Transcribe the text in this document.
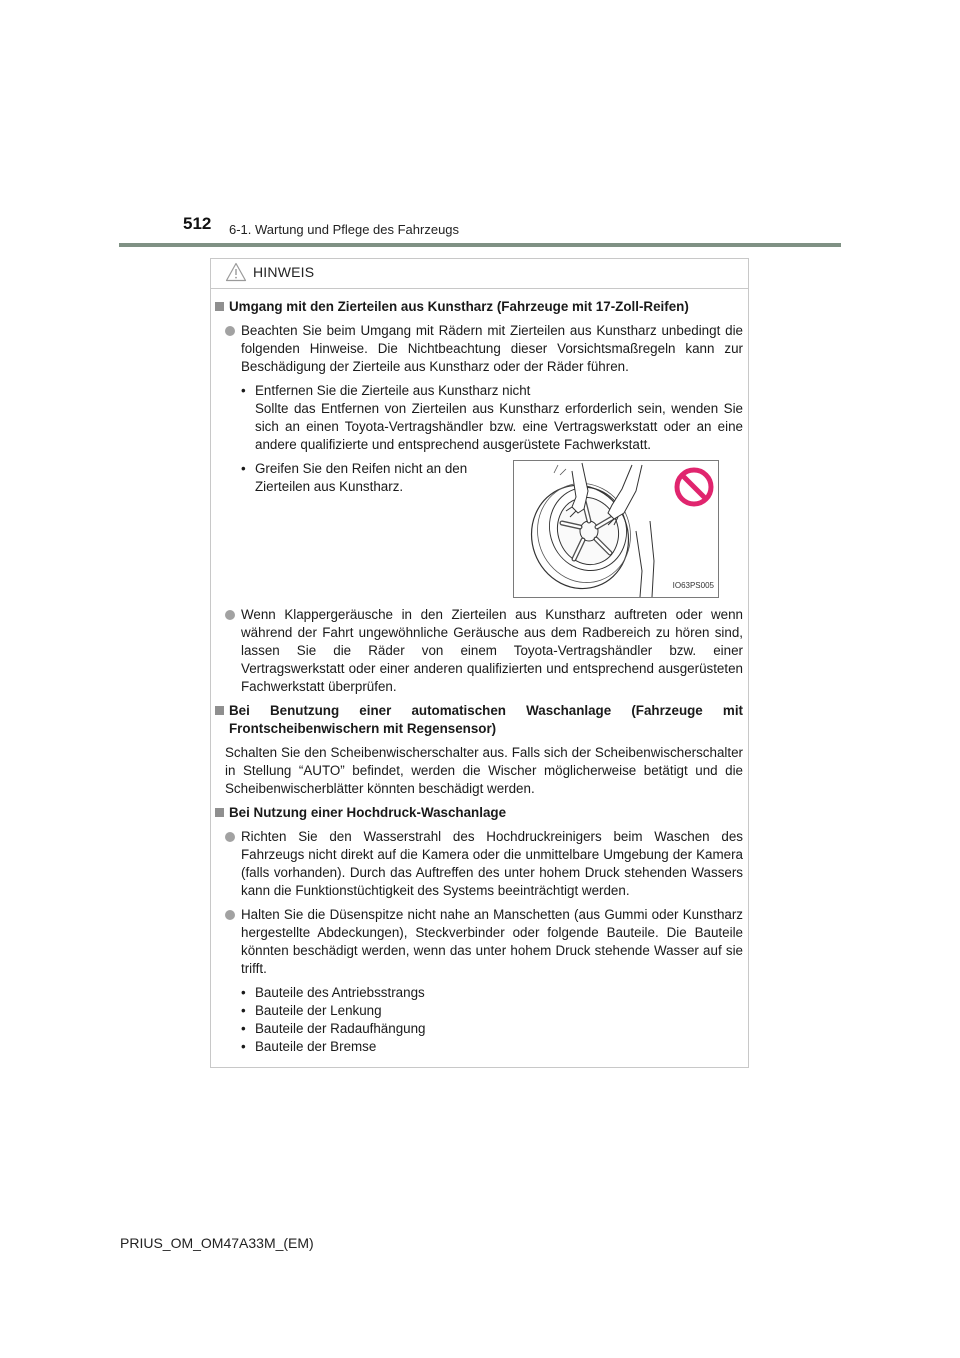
512 6-1. Wartung und Pflege des Fahrzeugs
HINWEIS
Umgang mit den Zierteilen aus Kunstharz (Fahrzeuge mit 17-Zoll-Reifen)
Beachten Sie beim Umgang mit Rädern mit Zierteilen aus Kunstharz unbedingt die folgenden Hinweise. Die Nichtbeachtung dieser Vorsichtsmaßregeln kann zur Beschädigung der Zierteile aus Kunstharz oder der Räder führen.
• Entfernen Sie die Zierteile aus Kunstharz nicht
Sollte das Entfernen von Zierteilen aus Kunstharz erforderlich sein, wenden Sie sich an einen Toyota-Vertragshändler bzw. eine Vertragswerkstatt oder an eine andere qualifizierte und entsprechend ausgerüstete Fachwerkstatt.
• Greifen Sie den Reifen nicht an den Zierteilen aus Kunstharz.
IO63PS005
Wenn Klappergeräusche in den Zierteilen aus Kunstharz auftreten oder wenn während der Fahrt ungewöhnliche Geräusche aus dem Radbereich zu hören sind, lassen Sie die Räder von einem Toyota-Vertragshändler bzw. einer Vertragswerkstatt oder einer anderen qualifizierten und entsprechend ausgerüsteten Fachwerkstatt überprüfen.
Bei Benutzung einer automatischen Waschanlage (Fahrzeuge mit Frontscheibenwischern mit Regensensor)
Schalten Sie den Scheibenwischerschalter aus. Falls sich der Scheibenwischerschalter in Stellung “AUTO” befindet, werden die Wischer möglicherweise betätigt und die Scheibenwischerblätter könnten beschädigt werden.
Bei Nutzung einer Hochdruck-Waschanlage
Richten Sie den Wasserstrahl des Hochdruckreinigers beim Waschen des Fahrzeugs nicht direkt auf die Kamera oder die unmittelbare Umgebung der Kamera (falls vorhanden). Durch das Auftreffen des unter hohem Druck stehenden Wassers kann die Funktionstüchtigkeit des Systems beeinträchtigt werden.
Halten Sie die Düsenspitze nicht nahe an Manschetten (aus Gummi oder Kunstharz hergestellte Abdeckungen), Steckverbinder oder folgende Bauteile. Die Bauteile könnten beschädigt werden, wenn das unter hohem Druck stehende Wasser auf sie trifft.
• Bauteile des Antriebsstrangs
• Bauteile der Lenkung
• Bauteile der Radaufhängung
• Bauteile der Bremse
PRIUS_OM_OM47A33M_(EM)
